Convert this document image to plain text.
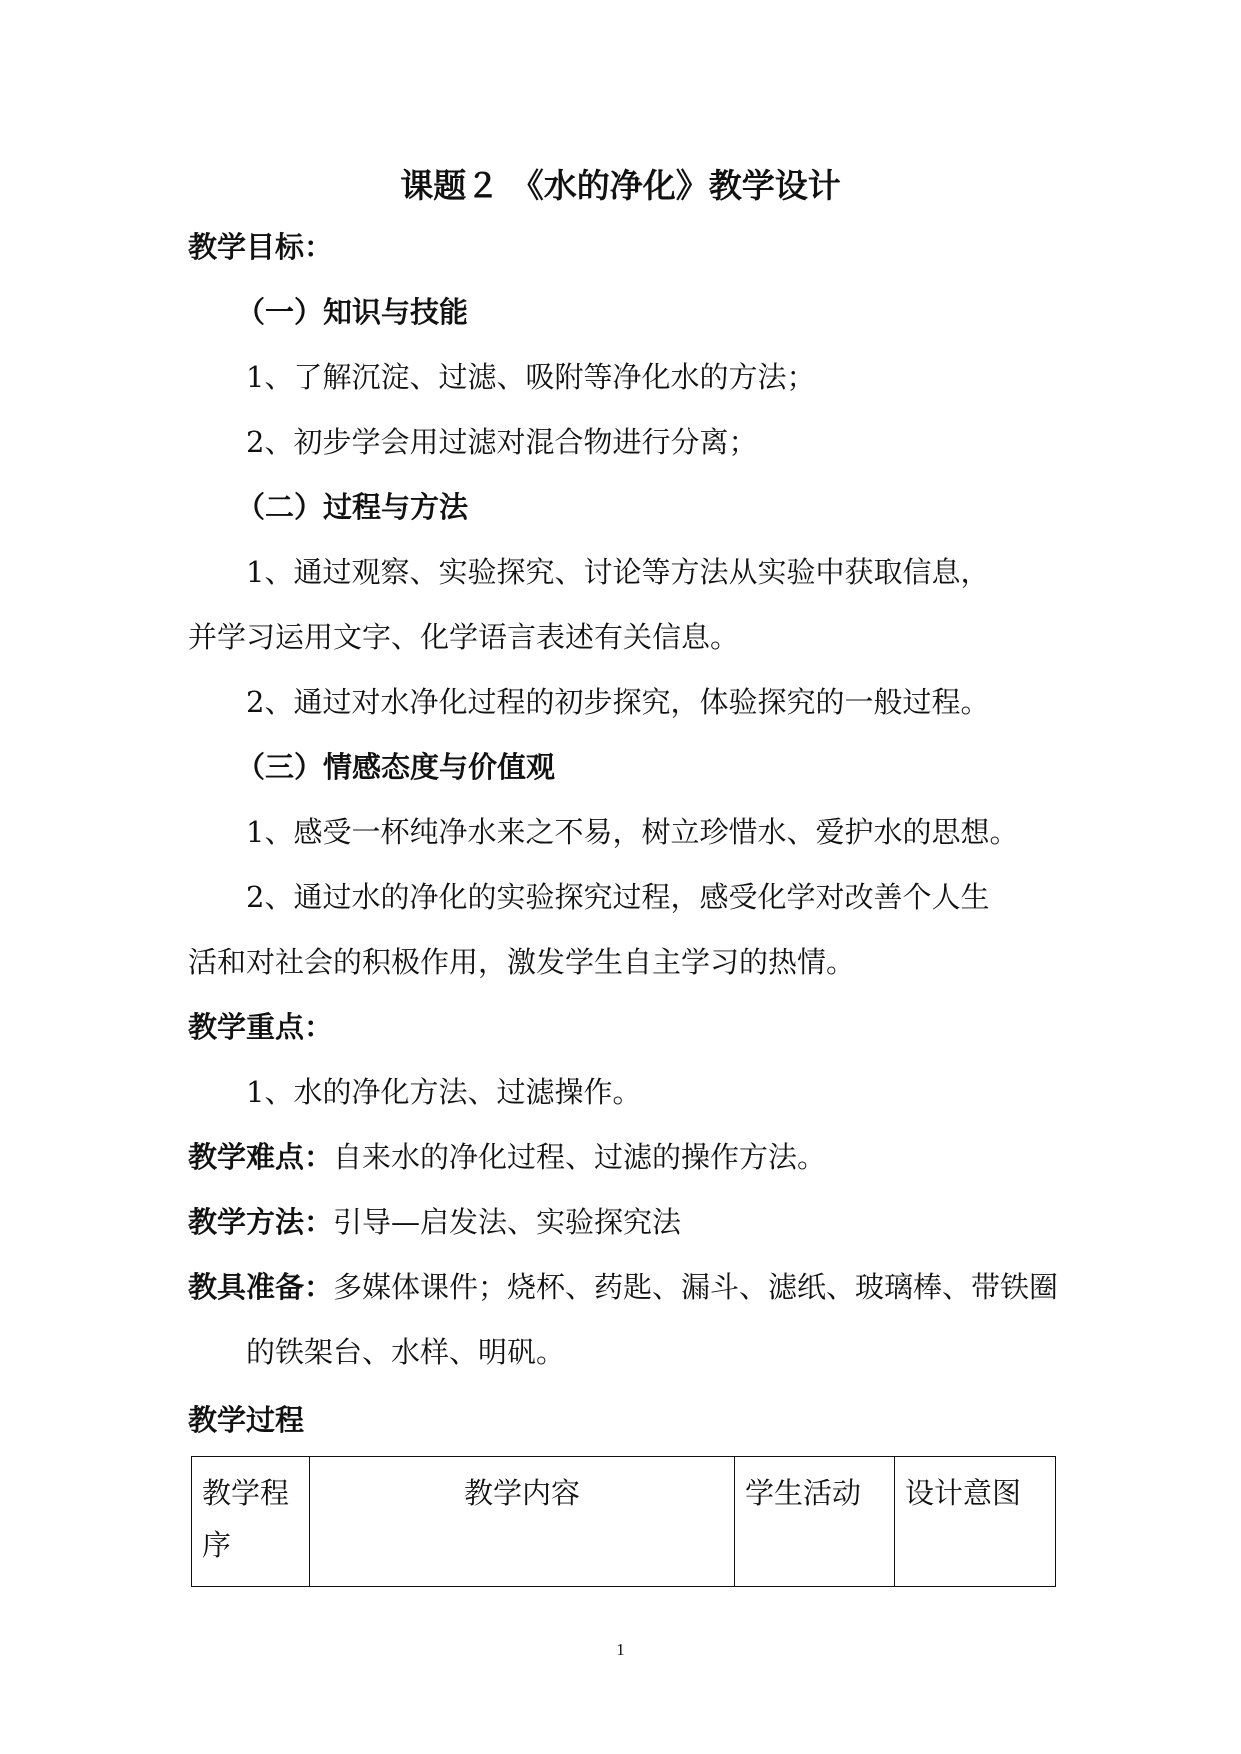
课题２ 《水的净化》教学设计
教学目标：
（一）知识与技能
1、了解沉淀、过滤、吸附等净化水的方法；
2、初步学会用过滤对混合物进行分离；
（二）过程与方法
1、通过观察、实验探究、讨论等方法从实验中获取信息，
并学习运用文字、化学语言表述有关信息。
2、通过对水净化过程的初步探究，体验探究的一般过程。
（三）情感态度与价值观
1、感受一杯纯净水来之不易，树立珍惜水、爱护水的思想。
2、通过水的净化的实验探究过程，感受化学对改善个人生
活和对社会的积极作用，激发学生自主学习的热情。
教学重点：
1、水的净化方法、过滤操作。
教学难点：自来水的净化过程、过滤的操作方法。
教学方法：引导—启发法、实验探究法
教具准备：多媒体课件；烧杯、药匙、漏斗、滤纸、玻璃棒、带铁圈
的铁架台、水样、明矾。
教学过程
教学程序	教学内容	学生活动	设计意图
1
